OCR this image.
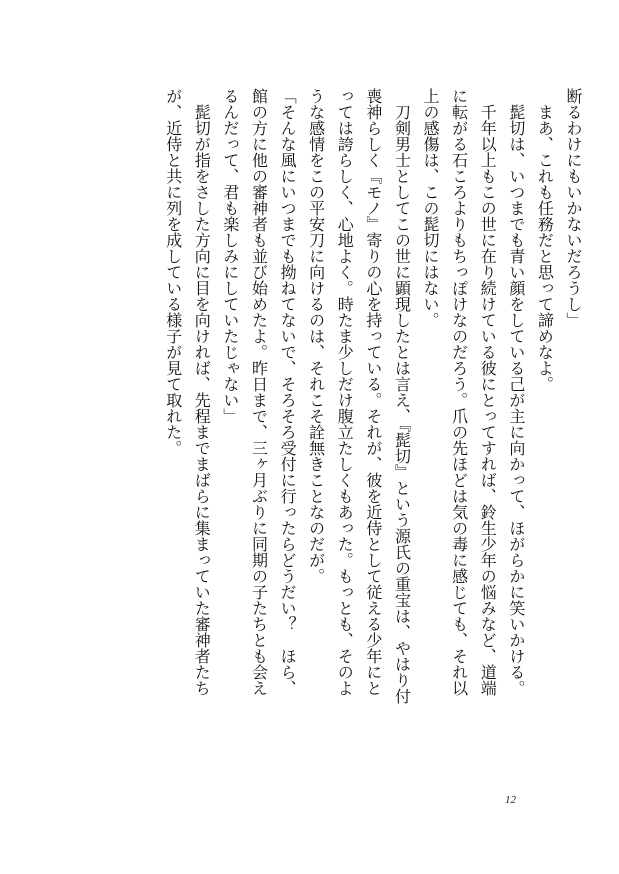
断るわけにもいかないだろうし」
　まあ、これも任務だと思って諦めなよ。
　髭切は、いつまでも青い顔をしている己が主に向かって、ほがらかに笑いかける。
　千年以上もこの世に在り続けている彼にとってすれば、鈴生少年の悩みなど、道端
に転がる石ころよりもちっぽけなのだろう。爪の先ほどは気の毒に感じても、それ以
上の感傷は、この髭切にはない。
　刀剣男士としてこの世に顕現したとは言え、『髭切』という源氏の重宝は、やはり付
喪神らしく『モノ』寄りの心を持っている。それが、彼を近侍として従える少年にと
っては誇らしく、心地よく。時たま少しだけ腹立たしくもあった。もっとも、そのよ
うな感情をこの平安刀に向けるのは、それこそ詮無きことなのだが。
「そんな風にいつまでも拗ねてないで、そろそろ受付に行ったらどうだい？　ほら、
館の方に他の審神者も並び始めたよ。昨日まで、三ヶ月ぶりに同期の子たちとも会え
るんだって、君も楽しみにしていたじゃない」
　髭切が指をさした方向に目を向ければ、先程までまばらに集まっていた審神者たち
が、近侍と共に列を成している様子が見て取れた。
12
